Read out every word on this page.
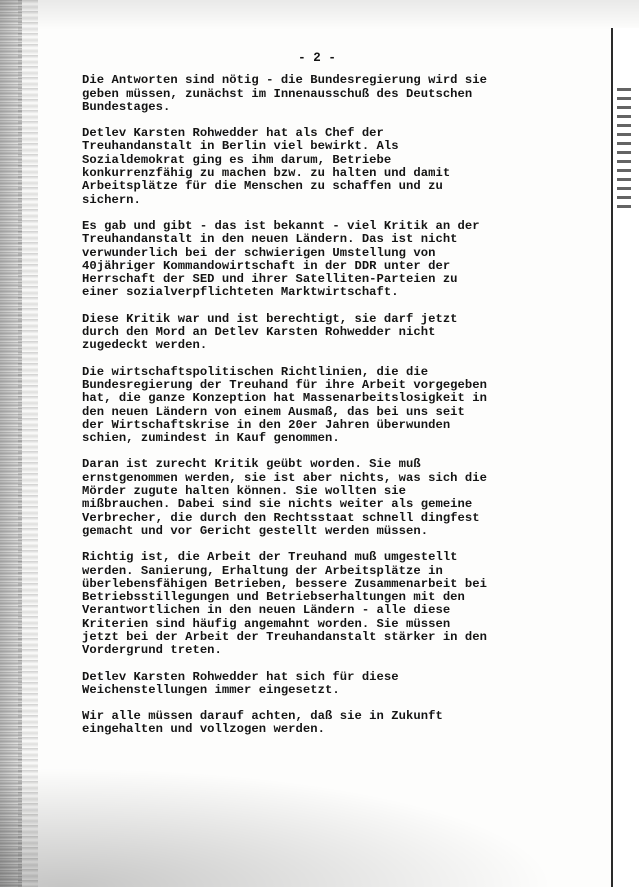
- 2 -
Die Antworten sind nötig - die Bundesregierung wird sie
geben müssen, zunächst im Innenausschuß des Deutschen
Bundestages.
Detlev Karsten Rohwedder hat als Chef der
Treuhandanstalt in Berlin viel bewirkt. Als
Sozialdemokrat ging es ihm darum, Betriebe
konkurrenzfähig zu machen bzw. zu halten und damit
Arbeitsplätze für die Menschen zu schaffen und zu
sichern.
Es gab und gibt - das ist bekannt - viel Kritik an der
Treuhandanstalt in den neuen Ländern. Das ist nicht
verwunderlich bei der schwierigen Umstellung von
40jähriger Kommandowirtschaft in der DDR unter der
Herrschaft der SED und ihrer Satelliten-Parteien zu
einer sozialverpflichteten Marktwirtschaft.
Diese Kritik war und ist berechtigt, sie darf jetzt
durch den Mord an Detlev Karsten Rohwedder nicht
zugedeckt werden.
Die wirtschaftspolitischen Richtlinien, die die
Bundesregierung der Treuhand für ihre Arbeit vorgegeben
hat, die ganze Konzeption hat Massenarbeitslosigkeit in
den neuen Ländern von einem Ausmaß, das bei uns seit
der Wirtschaftskrise in den 20er Jahren überwunden
schien, zumindest in Kauf genommen.
Daran ist zurecht Kritik geübt worden. Sie muß
ernstgenommen werden, sie ist aber nichts, was sich die
Mörder zugute halten können. Sie wollten sie
mißbrauchen. Dabei sind sie nichts weiter als gemeine
Verbrecher, die durch den Rechtsstaat schnell dingfest
gemacht und vor Gericht gestellt werden müssen.
Richtig ist, die Arbeit der Treuhand muß umgestellt
werden. Sanierung, Erhaltung der Arbeitsplätze in
überlebensfähigen Betrieben, bessere Zusammenarbeit bei
Betriebsstillegungen und Betriebserhaltungen mit den
Verantwortlichen in den neuen Ländern - alle diese
Kriterien sind häufig angemahnt worden. Sie müssen
jetzt bei der Arbeit der Treuhandanstalt stärker in den
Vordergrund treten.
Detlev Karsten Rohwedder hat sich für diese
Weichenstellungen immer eingesetzt.
Wir alle müssen darauf achten, daß sie in Zukunft
eingehalten und vollzogen werden.
